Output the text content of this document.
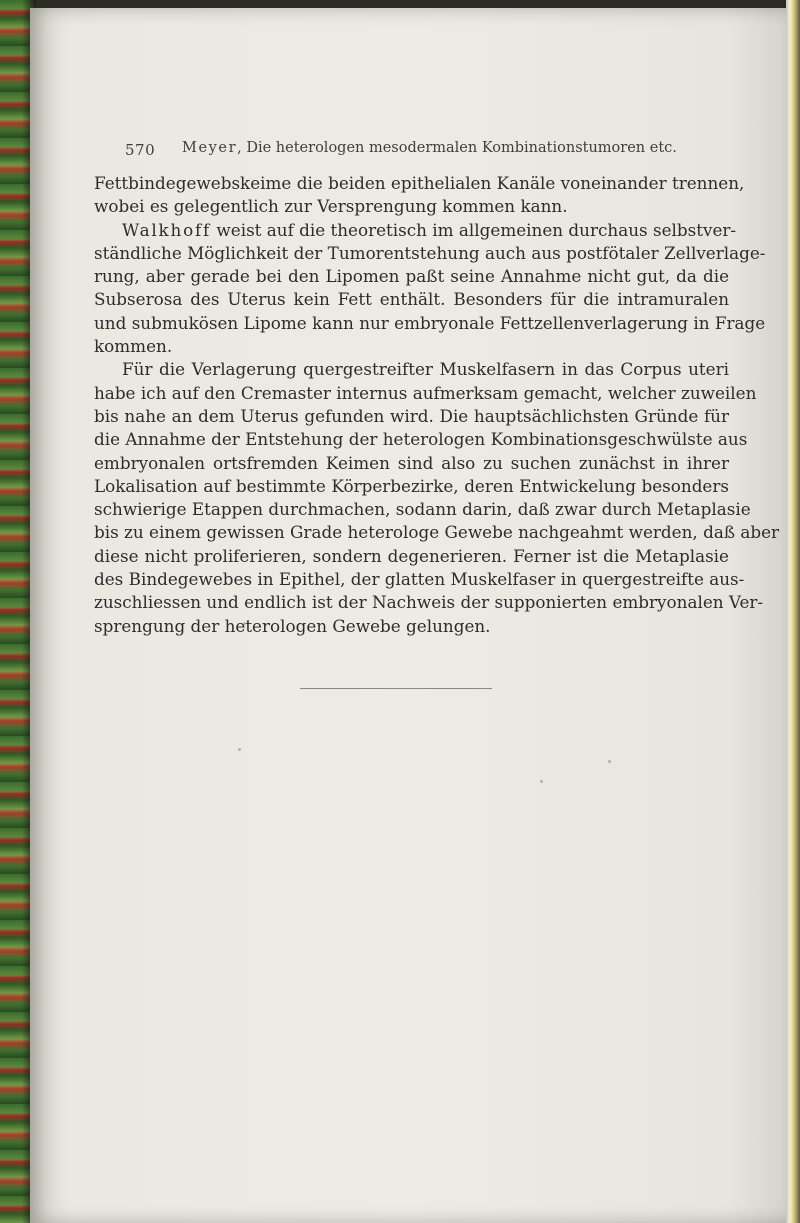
570 Meyer, Die heterologen mesodermalen Kombinationstumoren etc.
Fettbindegewebskeime die beiden epithelialen Kanäle voneinander trennen,
wobei es gelegentlich zur Versprengung kommen kann.
Walkhoff weist auf die theoretisch im allgemeinen durchaus selbstver-
ständliche Möglichkeit der Tumorentstehung auch aus postfötaler Zellverlage-
rung, aber gerade bei den Lipomen paßt seine Annahme nicht gut, da die
Subserosa des Uterus kein Fett enthält. Besonders für die intramuralen
und submukösen Lipome kann nur embryonale Fettzellenverlagerung in Frage
kommen.
Für die Verlagerung quergestreifter Muskelfasern in das Corpus uteri
habe ich auf den Cremaster internus aufmerksam gemacht, welcher zuweilen
bis nahe an dem Uterus gefunden wird. Die hauptsächlichsten Gründe für
die Annahme der Entstehung der heterologen Kombinationsgeschwülste aus
embryonalen ortsfremden Keimen sind also zu suchen zunächst in ihrer
Lokalisation auf bestimmte Körperbezirke, deren Entwickelung besonders
schwierige Etappen durchmachen, sodann darin, daß zwar durch Metaplasie
bis zu einem gewissen Grade heterologe Gewebe nachgeahmt werden, daß aber
diese nicht proliferieren, sondern degenerieren. Ferner ist die Metaplasie
des Bindegewebes in Epithel, der glatten Muskelfaser in quergestreifte aus-
zuschliessen und endlich ist der Nachweis der supponierten embryonalen Ver-
sprengung der heterologen Gewebe gelungen.
